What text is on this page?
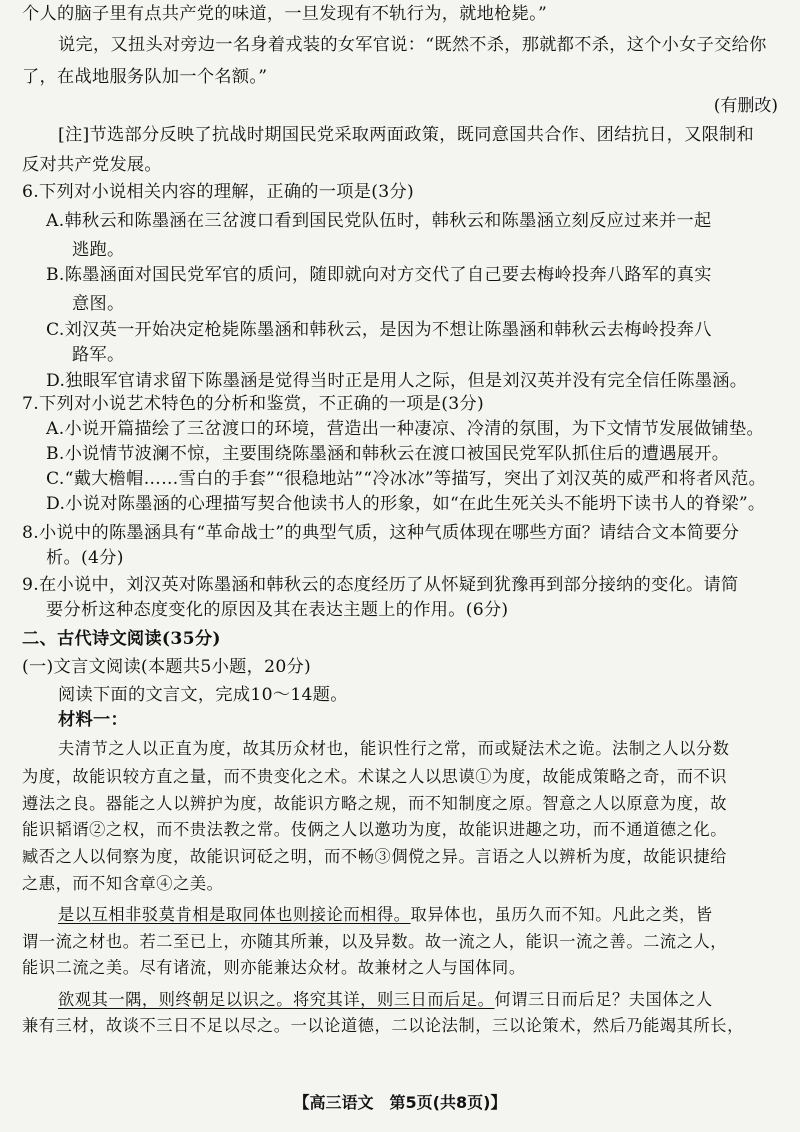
个人的脑子里有点共产党的味道，一旦发现有不轨行为，就地枪毙。”
说完，又扭头对旁边一名身着戎装的女军官说：“既然不杀，那就都不杀，这个小女子交给你
了，在战地服务队加一个名额。”
(有删改)
[注]节选部分反映了抗战时期国民党采取两面政策，既同意国共合作、团结抗日，又限制和
反对共产党发展。
6.下列对小说相关内容的理解，正确的一项是(3分)
A.韩秋云和陈墨涵在三岔渡口看到国民党队伍时，韩秋云和陈墨涵立刻反应过来并一起
逃跑。
B.陈墨涵面对国民党军官的质问，随即就向对方交代了自己要去梅岭投奔八路军的真实
意图。
C.刘汉英一开始决定枪毙陈墨涵和韩秋云，是因为不想让陈墨涵和韩秋云去梅岭投奔八
路军。
D.独眼军官请求留下陈墨涵是觉得当时正是用人之际，但是刘汉英并没有完全信任陈墨涵。
7.下列对小说艺术特色的分析和鉴赏，不正确的一项是(3分)
A.小说开篇描绘了三岔渡口的环境，营造出一种凄凉、冷清的氛围，为下文情节发展做铺垫。
B.小说情节波澜不惊，主要围绕陈墨涵和韩秋云在渡口被国民党军队抓住后的遭遇展开。
C.“戴大檐帽……雪白的手套”“很稳地站”“冷冰冰”等描写，突出了刘汉英的威严和将者风范。
D.小说对陈墨涵的心理描写契合他读书人的形象，如“在此生死关头不能坍下读书人的脊梁”。
8.小说中的陈墨涵具有“革命战士”的典型气质，这种气质体现在哪些方面？请结合文本简要分
析。(4分)
9.在小说中，刘汉英对陈墨涵和韩秋云的态度经历了从怀疑到犹豫再到部分接纳的变化。请简
要分析这种态度变化的原因及其在表达主题上的作用。(6分)
二、古代诗文阅读(35分)
(一)文言文阅读(本题共5小题，20分)
阅读下面的文言文，完成10～14题。
材料一：
夫清节之人以正直为度，故其历众材也，能识性行之常，而或疑法术之诡。法制之人以分数
为度，故能识较方直之量，而不贵变化之术。术谋之人以思谟①为度，故能成策略之奇，而不识
遵法之良。器能之人以辨护为度，故能识方略之规，而不知制度之原。智意之人以原意为度，故
能识韬谞②之权，而不贵法教之常。伎俩之人以邀功为度，故能识进趣之功，而不通道德之化。
臧否之人以伺察为度，故能识诃砭之明，而不畅③倜傥之异。言语之人以辨析为度，故能识捷给
之惠，而不知含章④之美。
是以互相非驳莫肯相是取同体也则接论而相得。取异体也，虽历久而不知。凡此之类，皆
谓一流之材也。若二至已上，亦随其所兼，以及异数。故一流之人，能识一流之善。二流之人，
能识二流之美。尽有诸流，则亦能兼达众材。故兼材之人与国体同。
欲观其一隅，则终朝足以识之。将究其详，则三日而后足。何谓三日而后足？夫国体之人
兼有三材，故谈不三日不足以尽之。一以论道德，二以论法制，三以论策术，然后乃能竭其所长，
【高三语文　第5页(共8页)】
